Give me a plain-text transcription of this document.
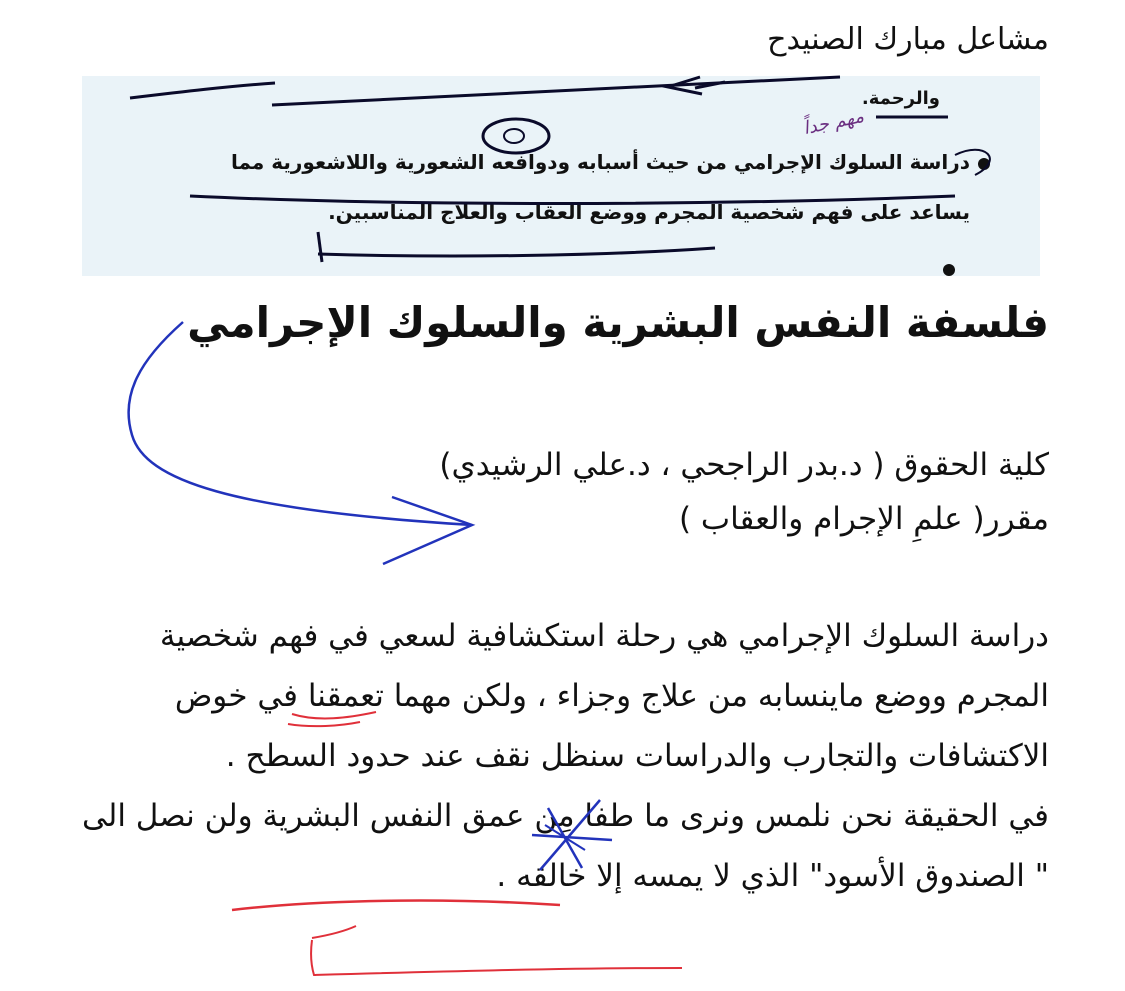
مشاعل مبارك الصنيدح
والرحمة.
دراسة السلوك الإجرامي من حيث أسبابه ودوافعه الشعورية واللاشعورية مما
يساعد على فهم شخصية المجرم ووضع العقاب والعلاج المناسبين.
مهم جداً
فلسفة النفس البشرية والسلوك الإجرامي
كلية الحقوق ( د.بدر الراجحي ، د.علي الرشيدي)
مقرر( علمِ الإجرام والعقاب )

دراسة السلوك الإجرامي هي رحلة استكشافية لسعي في فهم شخصية المجرم ووضع ماينسابه من علاج وجزاء ، ولكن مهما تعمقنا في خوض الاكتشافات والتجارب والدراسات سنظل نقف عند حدود السطح .

في الحقيقة نحن نلمس ونرى ما طفا مِن عمق النفس البشرية ولن نصل الى " الصندوق الأسود" الذي لا يمسه إلا خالقه .
